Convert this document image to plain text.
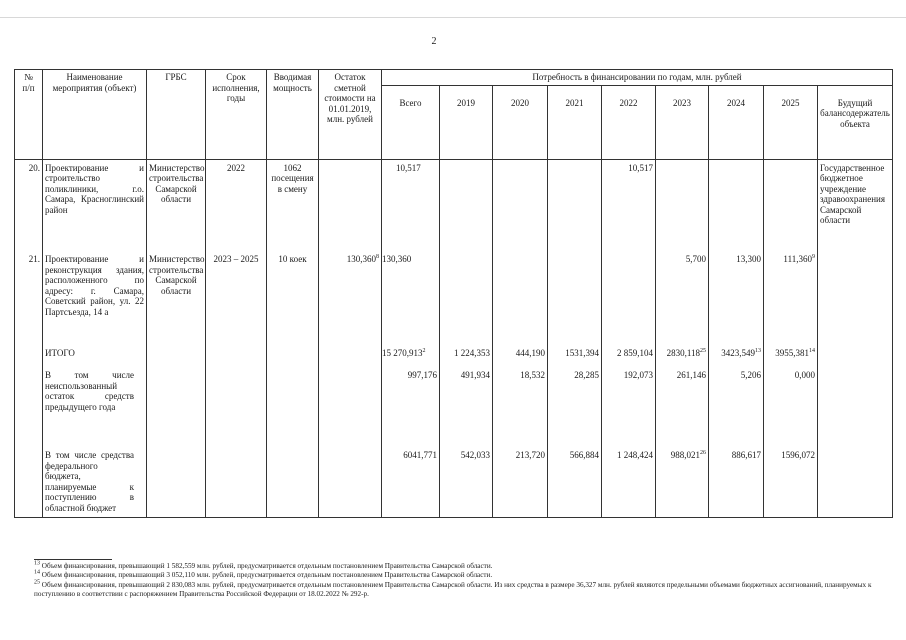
2
№
п/п	Наименование мероприятия (объект)	ГРБС	Срок исполнения, годы	Вводимая мощность	Остаток сметной стоимости на 01.01.2019, млн. рублей	Потребность в финансировании по годам, млн. рублей								
						Всего	2019	2020	2021	2022	2023	2024	2025	Будущий балансодержатель объекта
20.	Проектирование и строительство поликлиники, г.о. Самара, Красноглинский район	Министерство строительства Самарской области	2022	1062 посещения в смену		10,517				10,517				Государственное бюджетное учреждение здравоохранения Самарской области
21.	Проектирование и реконструкция здания, расположенного по адресу: г. Самара, Советский район, ул. 22 Партсъезда, 14 а	Министерство строительства Самарской области	2023 – 2025	10 коек	130,360$^8$	130,360					5,700	13,300	111,360$^9$	
	ИТОГО					15 270,913$^2$	1 224,353	444,190	1531,394	2 859,104	2830,118$^{25}$	3423,549$^{13}$	3955,381$^{14}$	
	В том числе неиспользованный остаток средств предыдущего года					997,176	491,934	18,532	28,285	192,073	261,146	5,206	0,000	
	В том числе средства федерального бюджета, планируемые к поступлению в областной бюджет					6041,771	542,033	213,720	566,884	1 248,424	988,021$^{26}$	886,617	1596,072	

$^{13}$ Объем финансирования, превышающий 1 582,559 млн. рублей, предусматривается отдельным постановлением Правительства Самарской области.

$^{14}$ Объем финансирования, превышающий 3 052,110 млн. рублей, предусматривается отдельным постановлением Правительства Самарской области.

$^{25}$ Объем финансирования, превышающий 2 830,083 млн. рублей, предусматривается отдельным постановлением Правительства Самарской области. Из них средства в размере 36,327 млн. рублей являются предельными объемами бюджетных ассигнований, планируемых к поступлению в соответствии с распоряжением Правительства Российской Федерации от 18.02.2022 № 292-р.
